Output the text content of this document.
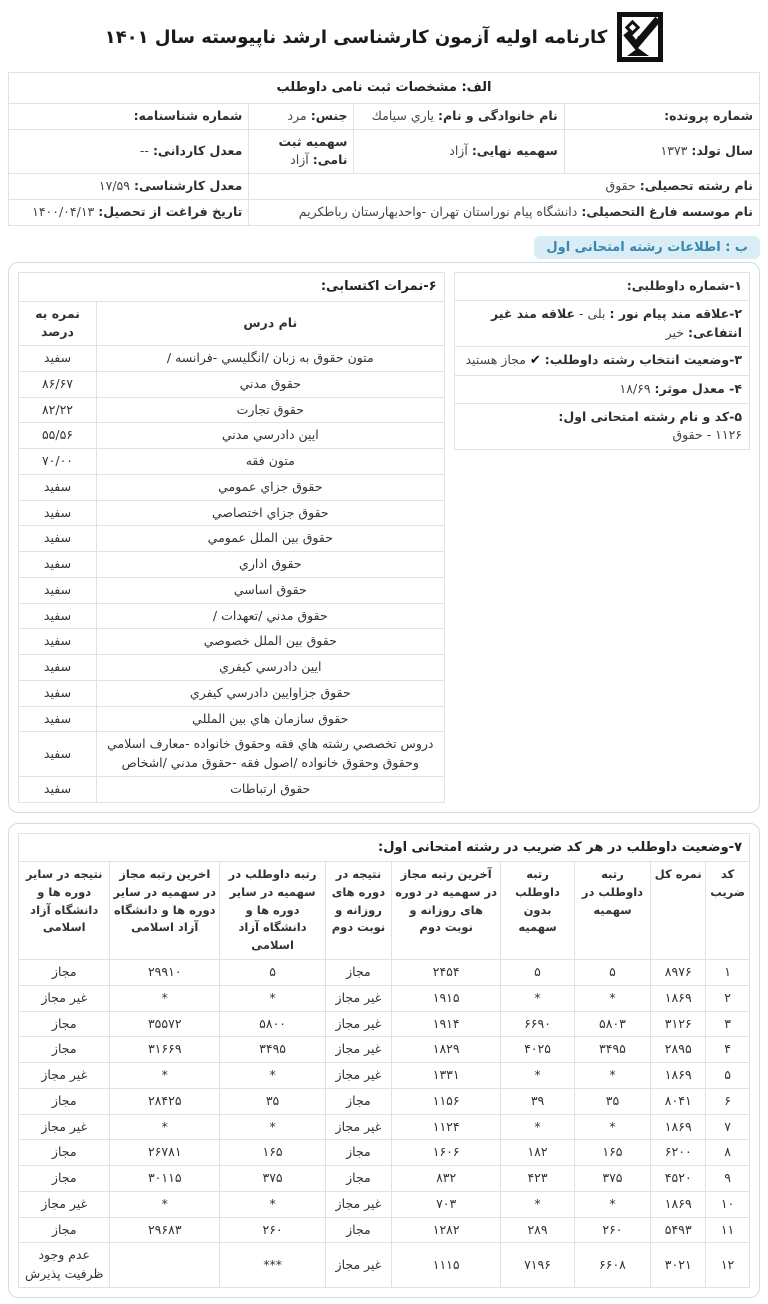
کارنامه اولیه آزمون کارشناسی ارشد ناپیوسته سال ۱۴۰۱
الف: مشخصات ثبت نامی داوطلب			
شماره پرونده:	نام خانوادگی و نام: یاري سیامك	جنس: مرد	شماره شناسنامه:
سال تولد: ۱۳۷۳	سهمیه نهایی: آزاد	سهمیه ثبت نامی: آزاد	معدل کاردانی: --
نام رشته تحصیلی: حقوق			معدل کارشناسی: ۱۷/۵۹
نام موسسه فارغ التحصیلی: دانشگاه پیام نوراستان تهران -واحدبهارستان رباطکریم			تاریخ فراغت از تحصیل: ۱۴۰۰/۰۴/۱۳
ب : اطلاعات رشته امتحانی اول
۱-شماره داوطلبی:
۲-علاقه مند پیام نور : بلی - علاقه مند غیر انتفاعی: خیر
۳-وضعیت انتخاب رشته داوطلب: ✔ مجاز هستید
۴- معدل موثر: ۱۸/۶۹
۵-کد و نام رشته امتحانی اول:
۱۱۲۶ - حقوق
۶-نمرات اکتسابی:	
نام درس	نمره به درصد
متون حقوق به زبان /انگلیسي -فرانسه /	سفید
حقوق مدني	۸۶/۶۷
حقوق تجارت	۸۲/۲۲
ایین دادرسي مدني	۵۵/۵۶
متون فقه	۷۰/۰۰
حقوق جزاي عمومي	سفید
حقوق جزاي اختصاصي	سفید
حقوق بین الملل عمومي	سفید
حقوق اداري	سفید
حقوق اساسي	سفید
حقوق مدني /تعهدات /	سفید
حقوق بین الملل خصوصي	سفید
ایین دادرسي کیفري	سفید
حقوق جزاوایین دادرسي کیفري	سفید
حقوق سازمان هاي بین المللي	سفید
دروس تخصصي رشته هاي فقه وحقوق خانواده -معارف اسلامي وحقوق وحقوق خانواده /اصول فقه -حقوق مدني /اشخاص	سفید
حقوق ارتباطات	سفید
۷-وضعیت داوطلب در هر کد ضریب در رشته امتحانی اول:								
کد ضریب	نمره کل	رتبه داوطلب در سهمیه	رتبه داوطلب بدون سهمیه	آخرین رتبه مجاز در سهمیه در دوره های روزانه و نوبت دوم	نتیجه در دوره های روزانه و نوبت دوم	رتبه داوطلب در سهمیه در سایر دوره ها و دانشگاه آزاد اسلامی	اخرین رتبه مجاز در سهمیه در سایر دوره ها و دانشگاه آزاد اسلامی	نتیجه در سایر دوره ها و دانشگاه آزاد اسلامی
۱	۸۹۷۶	۵	۵	۲۴۵۴	مجاز	۵	۲۹۹۱۰	مجاز
۲	۱۸۶۹	*	*	۱۹۱۵	غیر مجاز	*	*	غیر مجاز
۳	۳۱۲۶	۵۸۰۳	۶۶۹۰	۱۹۱۴	غیر مجاز	۵۸۰۰	۳۵۵۷۲	مجاز
۴	۲۸۹۵	۳۴۹۵	۴۰۲۵	۱۸۲۹	غیر مجاز	۳۴۹۵	۳۱۶۶۹	مجاز
۵	۱۸۶۹	*	*	۱۳۳۱	غیر مجاز	*	*	غیر مجاز
۶	۸۰۴۱	۳۵	۳۹	۱۱۵۶	مجاز	۳۵	۲۸۴۲۵	مجاز
۷	۱۸۶۹	*	*	۱۱۲۴	غیر مجاز	*	*	غیر مجاز
۸	۶۲۰۰	۱۶۵	۱۸۲	۱۶۰۶	مجاز	۱۶۵	۲۶۷۸۱	مجاز
۹	۴۵۲۰	۳۷۵	۴۲۳	۸۳۲	مجاز	۳۷۵	۳۰۱۱۵	مجاز
۱۰	۱۸۶۹	*	*	۷۰۳	غیر مجاز	*	*	غیر مجاز
۱۱	۵۴۹۳	۲۶۰	۲۸۹	۱۲۸۲	مجاز	۲۶۰	۲۹۶۸۳	مجاز
۱۲	۳۰۲۱	۶۶۰۸	۷۱۹۶	۱۱۱۵	غیر مجاز	***		عدم وجود ظرفیت پذیرش
